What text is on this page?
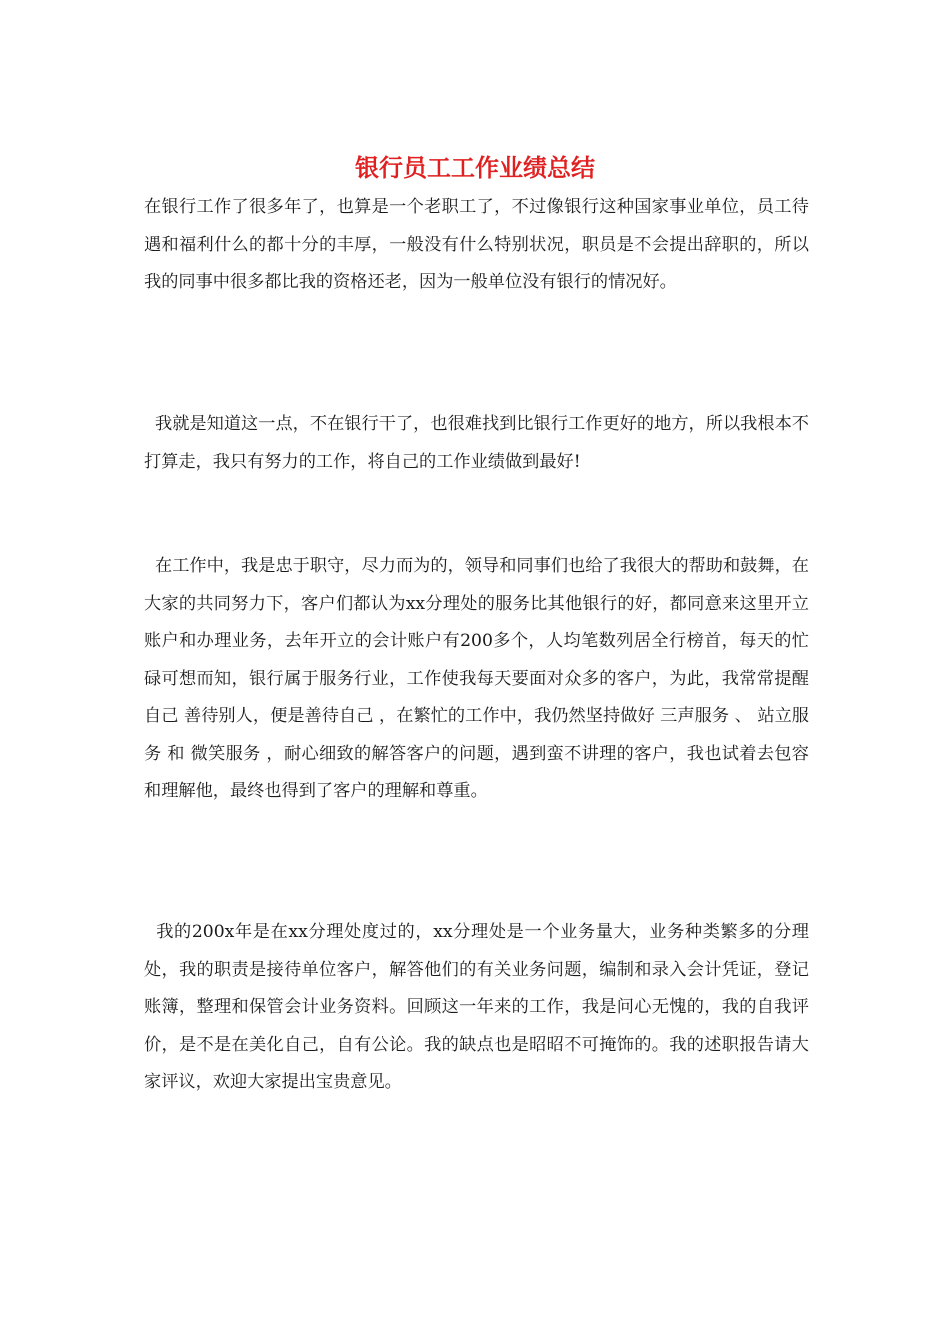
银行员工工作业绩总结

在银行工作了很多年了，也算是一个老职工了，不过像银行这种国家事业单位，员工待遇和福利什么的都十分的丰厚，一般没有什么特别状况，职员是不会提出辞职的，所以我的同事中很多都比我的资格还老，因为一般单位没有银行的情况好。

我就是知道这一点，不在银行干了，也很难找到比银行工作更好的地方，所以我根本不打算走，我只有努力的工作，将自己的工作业绩做到最好!

在工作中，我是忠于职守，尽力而为的，领导和同事们也给了我很大的帮助和鼓舞，在大家的共同努力下，客户们都认为xx分理处的服务比其他银行的好，都同意来这里开立账户和办理业务，去年开立的会计账户有200多个，人均笔数列居全行榜首，每天的忙碌可想而知，银行属于服务行业，工作使我每天要面对众多的客户，为此，我常常提醒自己 善待别人，便是善待自己 ，在繁忙的工作中，我仍然坚持做好 三声服务 、 站立服务 和 微笑服务 ，耐心细致的解答客户的问题，遇到蛮不讲理的客户，我也试着去包容和理解他，最终也得到了客户的理解和尊重。

我的200x年是在xx分理处度过的，xx分理处是一个业务量大，业务种类繁多的分理处，我的职责是接待单位客户，解答他们的有关业务问题，编制和录入会计凭证，登记账簿，整理和保管会计业务资料。回顾这一年来的工作，我是问心无愧的，我的自我评价，是不是在美化自己，自有公论。我的缺点也是昭昭不可掩饰的。我的述职报告请大家评议，欢迎大家提出宝贵意见。
